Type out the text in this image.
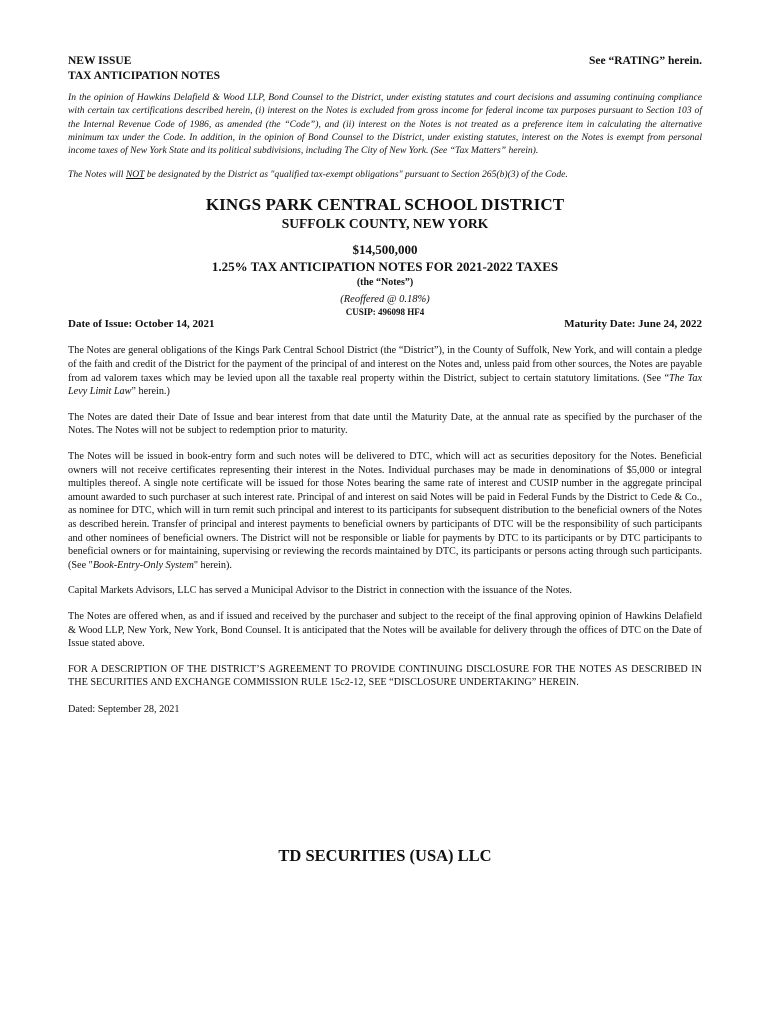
NEW ISSUE
TAX ANTICIPATION NOTES
See “RATING” herein.
In the opinion of Hawkins Delafield & Wood LLP, Bond Counsel to the District, under existing statutes and court decisions and assuming continuing compliance with certain tax certifications described herein, (i) interest on the Notes is excluded from gross income for federal income tax purposes pursuant to Section 103 of the Internal Revenue Code of 1986, as amended (the “Code”), and (ii) interest on the Notes is not treated as a preference item in calculating the alternative minimum tax under the Code. In addition, in the opinion of Bond Counsel to the District, under existing statutes, interest on the Notes is exempt from personal income taxes of New York State and its political subdivisions, including The City of New York. (See “Tax Matters” herein).
The Notes will NOT be designated by the District as "qualified tax-exempt obligations" pursuant to Section 265(b)(3) of the Code.
KINGS PARK CENTRAL SCHOOL DISTRICT
SUFFOLK COUNTY, NEW YORK
$14,500,000
1.25% TAX ANTICIPATION NOTES FOR 2021-2022 TAXES
(the “Notes”)
(Reoffered @ 0.18%)
CUSIP: 496098 HF4
Date of Issue: October 14, 2021	Maturity Date: June 24, 2022

The Notes are general obligations of the Kings Park Central School District (the “District”), in the County of Suffolk, New York, and will contain a pledge of the faith and credit of the District for the payment of the principal of and interest on the Notes and, unless paid from other sources, the Notes are payable from ad valorem taxes which may be levied upon all the taxable real property within the District, subject to certain statutory limitations. (See “The Tax Levy Limit Law” herein.)

The Notes are dated their Date of Issue and bear interest from that date until the Maturity Date, at the annual rate as specified by the purchaser of the Notes. The Notes will not be subject to redemption prior to maturity.

The Notes will be issued in book-entry form and such notes will be delivered to DTC, which will act as securities depository for the Notes. Beneficial owners will not receive certificates representing their interest in the Notes. Individual purchases may be made in denominations of $5,000 or integral multiples thereof. A single note certificate will be issued for those Notes bearing the same rate of interest and CUSIP number in the aggregate principal amount awarded to such purchaser at such interest rate. Principal of and interest on said Notes will be paid in Federal Funds by the District to Cede & Co., as nominee for DTC, which will in turn remit such principal and interest to its participants for subsequent distribution to the beneficial owners of the Notes as described herein. Transfer of principal and interest payments to beneficial owners by participants of DTC will be the responsibility of such participants and other nominees of beneficial owners. The District will not be responsible or liable for payments by DTC to its participants or by DTC participants to beneficial owners or for maintaining, supervising or reviewing the records maintained by DTC, its participants or persons acting through such participants. (See "Book-Entry-Only System" herein).

Capital Markets Advisors, LLC has served a Municipal Advisor to the District in connection with the issuance of the Notes.

The Notes are offered when, as and if issued and received by the purchaser and subject to the receipt of the final approving opinion of Hawkins Delafield & Wood LLP, New York, New York, Bond Counsel. It is anticipated that the Notes will be available for delivery through the offices of DTC on the Date of Issue stated above.

FOR A DESCRIPTION OF THE DISTRICT’S AGREEMENT TO PROVIDE CONTINUING DISCLOSURE FOR THE NOTES AS DESCRIBED IN THE SECURITIES AND EXCHANGE COMMISSION RULE 15c2-12, SEE “DISCLOSURE UNDERTAKING” HEREIN.

Dated: September 28, 2021
TD SECURITIES (USA) LLC
